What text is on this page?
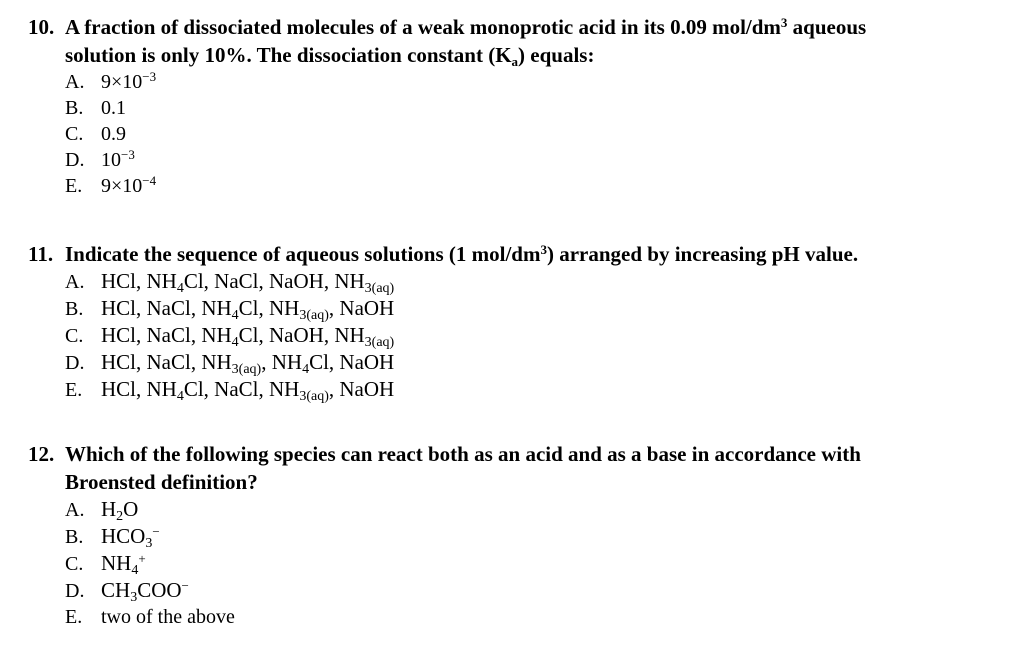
10. A fraction of dissociated molecules of a weak monoprotic acid in its 0.09 mol/$dm^3$ aqueous
solution is only 10%. The dissociation constant $(K_a)$ equals:
A. $9\times 10^{-3}$
B. 0.1
C. 0.9
D. $10^{-3}$
E. $9\times 10^{-4}$
11. Indicate the sequence of aqueous solutions (1 mol/$dm^3$) arranged by increasing pH value.
A. HCl, $NH_4Cl$, NaCl, NaOH, $NH_{3(aq)}$
B. HCl, NaCl, $NH_4Cl$, $NH_{3(aq)}$, NaOH
C. HCl, NaCl, $NH_4Cl$, NaOH, $NH_{3(aq)}$
D. HCl, NaCl, $NH_{3(aq)}$, $NH_4Cl$, NaOH
E. HCl, $NH_4Cl$, NaCl, $NH_{3(aq)}$, NaOH
12. Which of the following species can react both as an acid and as a base in accordance with
Broensted definition?
A. $H_2O$
B. $HCO_3^-$
C. $NH_4^+$
D. $CH_3COO^-$
E. two of the above
